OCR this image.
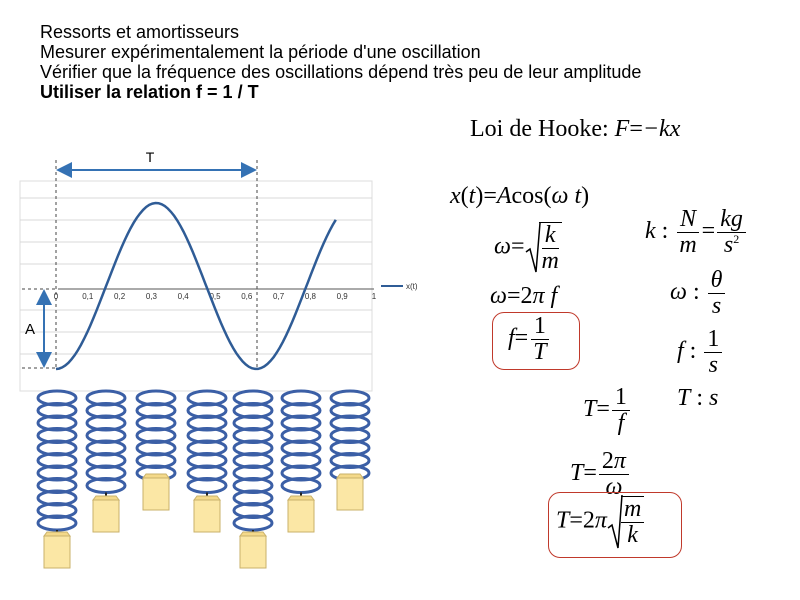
Ressorts et amortisseurs
Mesurer expérimentalement la période d'une oscillation
Vérifier que la fréquence des oscillations dépend très peu de leur amplitude
Utiliser la relation f = 1 / T
Loi de Hooke: F=−kx
T
A
0	0,1	0,2	0,3	0,4	0,5	0,6	0,7	0,8	0,9	1
x(t)
x(t)=Acos(ω t)
$\omega= \frac{k}{m}$
ω=2π f
$f= \frac{1}{T}$
$T= \frac{1}{f}$
$T= \frac{2\pi}{\omega}$
$T=2\pi \frac{m}{k}$
k : $\frac{N}{m} = \frac{kg}{s^2}$
ω : $\frac{\theta}{s}$
f : $\frac{1}{s}$
T : s
